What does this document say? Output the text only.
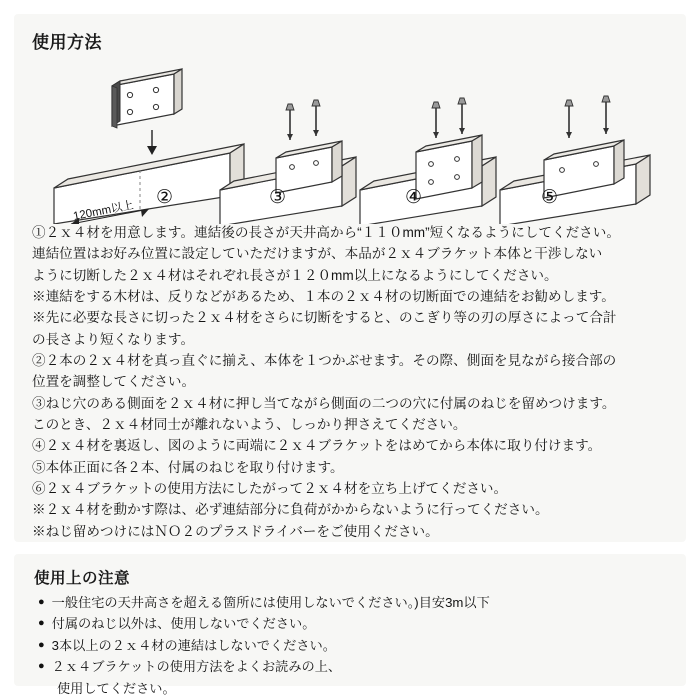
使用方法
120mm以上
②	③	④	⑤

①２ｘ４材を用意します。連結後の長さが天井高から“１１０mm”短くなるようにしてください。

連結位置はお好み位置に設定していただけますが、本品が２ｘ４ブラケット本体と干渉しない

ように切断した２ｘ４材はそれぞれ長さが１２０mm以上になるようにしてください。

※連結をする木材は、反りなどがあるため、１本の２ｘ４材の切断面での連結をお勧めします。

※先に必要な長さに切った２ｘ４材をさらに切断をすると、のこぎり等の刃の厚さによって合計

の長さより短くなります。

②２本の２ｘ４材を真っ直ぐに揃え、本体を１つかぶせます。その際、側面を見ながら接合部の

位置を調整してください。

③ねじ穴のある側面を２ｘ４材に押し当てながら側面の二つの穴に付属のねじを留めつけます。

このとき、２ｘ４材同士が離れないよう、しっかり押さえてください。

④２ｘ４材を裏返し、図のように両端に２ｘ４ブラケットをはめてから本体に取り付けます。

⑤本体正面に各２本、付属のねじを取り付けます。

⑥２ｘ４ブラケットの使用方法にしたがって２ｘ４材を立ち上げてください。

※２ｘ４材を動かす際は、必ず連結部分に負荷がかからないように行ってください。

※ねじ留めつけにはＮＯ２のプラスドライバーをご使用ください。

使用上の注意
● 一般住宅の天井高さを超える箇所には使用しないでください。)目安3m以下
● 付属のねじ以外は、使用しないでください。
● 3本以上の２ｘ４材の連結はしないでください。
● ２ｘ４ブラケットの使用方法をよくお読みの上、
使用してください。
